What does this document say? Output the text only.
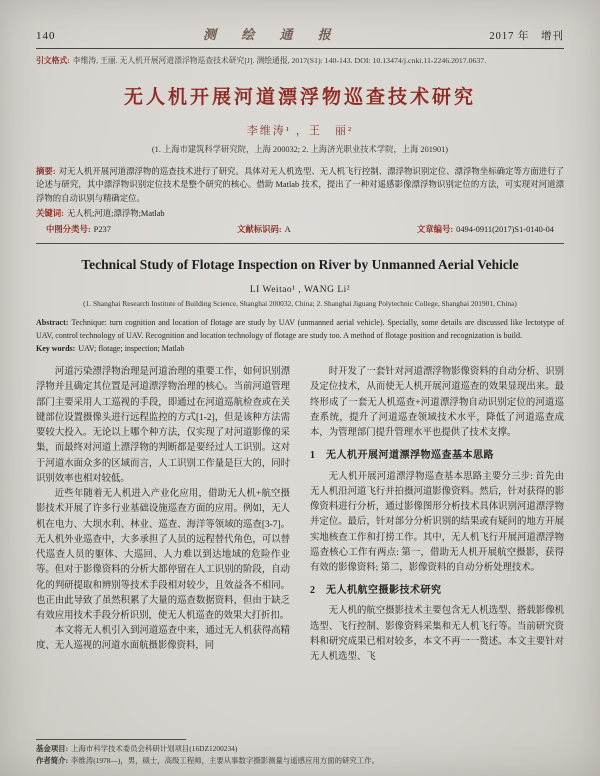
140	测 绘 通 报	2017 年　增刊
引文格式: 李维涛, 王丽. 无人机开展河道漂浮物巡查技术研究[J]. 测绘通报, 2017(S1): 140-143. DOI: 10.13474/j.cnki.11-2246.2017.0637.
无人机开展河道漂浮物巡查技术研究
李维涛¹ ，王　丽²
(1. 上海市建筑科学研究院，上海 200032; 2. 上海济光职业技术学院，上海 201901)
摘要: 对无人机开展河道漂浮物的巡查技术进行了研究。具体对无人机选型、无人机飞行控制、漂浮物识别定位、漂浮物坐标确定等方面进行了论述与研究，其中漂浮物识别定位技术是整个研究的核心。借助 Matlab 技术，提出了一种对遥感影像漂浮物识别定位的方法，可实现对河道漂浮物的自动识别与精确定位。
关键词: 无人机;河道;漂浮物;Matlab
中图分类号: P237	文献标识码: A	文章编号: 0494-0911(2017)S1-0140-04
Technical Study of Flotage Inspection on River by Unmanned Aerial Vehicle
LI Weitao¹ , WANG Li²
(1. Shanghai Research Institute of Building Science, Shanghai 200032, China; 2. Shanghai Jiguang Polytechnic College, Shanghai 201901, China)
Abstract: Technique: turn cognition and location of flotage are study by UAV (unmanned aerial vehicle). Specially, some details are discussed like lectotype of UAV, control technology of UAV. Recognition and location technology of flotage are study too. A method of flotage position and recognization is build.
Key words: UAV; flotage; inspection; Matlab

河道污染漂浮物治理是河道治理的重要工作，如何识别漂浮物并且确定其位置是河道漂浮物治理的核心。当前河道管理部门主要采用人工巡视的手段，即通过在河道巡航检查或在关键部位设置摄像头进行远程监控的方式[1-2]，但是该种方法需要较大投入。无论以上哪个种方法，仅实现了对河道影像的采集，而最终对河道上漂浮物的判断都是要经过人工识别。这对于河道水面众多的区域而言，人工识别工作量是巨大的，同时识别效率也相对较低。

近些年随着无人机进入产业化应用，借助无人机+航空摄影技术开展了许多行业基础设施巡查方面的应用。例如，无人机在电力、大坝水利、林业、巡查、海洋等领域的巡查[3-7]。无人机外业巡查中，大多承担了人员的远程替代角色，可以替代巡查人员的躯体、大巡回、人力难以到达地域的危险作业等。但对于影像资料的分析大都停留在人工识别的阶段，自动化的判研提取和辨别等技术手段相对较少，且效益各不相同。也正由此导致了虽然积累了大量的巡查数据资料，但由于缺乏有效应用技术手段分析识别，使无人机巡查的效果大打折扣。

本文将无人机引入到河道巡查中来，通过无人机获得高精度、无人巡视的河道水面航摄影像资料，同

时开发了一套针对河道漂浮物影像资料的自动分析、识别及定位技术，从而使无人机开展河道巡查的效果显现出来。最终形成了一套无人机巡查+河道漂浮物自动识别定位的河道巡查系统，提升了河道巡查领域技术水平，降低了河道巡查成本，为管理部门提升管理水平也提供了技术支撑。

1　无人机开展河道漂浮物巡查基本思路

无人机开展河道漂浮物巡查基本思路主要分三步: 首先由无人机沿河道飞行并拍摄河道影像资料。然后，针对获得的影像资料进行分析，通过影像图形分析技术具体识别河道漂浮物并定位。最后，针对部分分析识别的结果或有疑问的地方开展实地核查工作和打捞工作。其中，无人机飞行开展河道漂浮物巡查核心工作有两点: 第一，借助无人机开展航空摄影，获得有效的影像资料; 第二，影像资料的自动分析处理技术。

2　无人机航空摄影技术研究

无人机的航空摄影技术主要包含无人机选型、搭载影像机选型、飞行控制、影像资料采集和无人机飞行等。当前研究资料和研究成果已相对较多，本文不再一一赘述。本文主要针对无人机选型、飞

基金项目: 上海市科学技术委员会科研计划项目(16DZ1200234)
作者简介: 李维涛(1978—)，男，硕士，高级工程师，主要从事数字摄影测量与遥感应用方面的研究工作。
